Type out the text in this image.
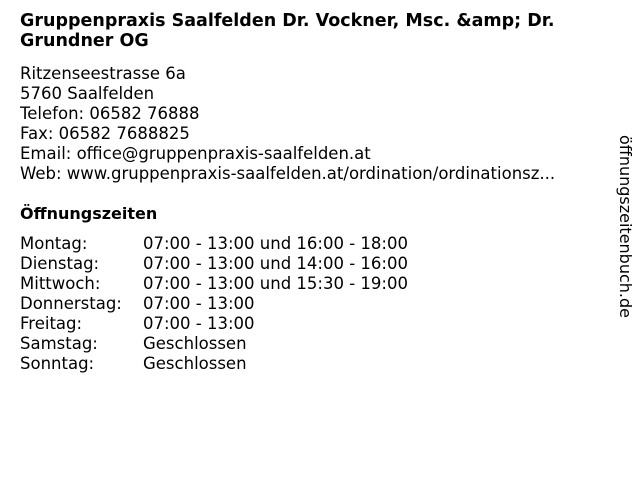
Gruppenpraxis Saalfelden Dr. Vockner, Msc. &amp; Dr.
Grundner OG
Ritzenseestrasse 6a
5760 Saalfelden
Telefon: 06582 76888
Fax: 06582 7688825
Email: office@gruppenpraxis-saalfelden.at
Web: www.gruppenpraxis-saalfelden.at/ordination/ordinationsz...
Öffnungszeiten
Montag:	07:00 - 13:00 und 16:00 - 18:00
Dienstag:	07:00 - 13:00 und 14:00 - 16:00
Mittwoch:	07:00 - 13:00 und 15:30 - 19:00
Donnerstag:	07:00 - 13:00
Freitag:	07:00 - 13:00
Samstag:	Geschlossen
Sonntag:	Geschlossen
öffnungszeitenbuch.de
